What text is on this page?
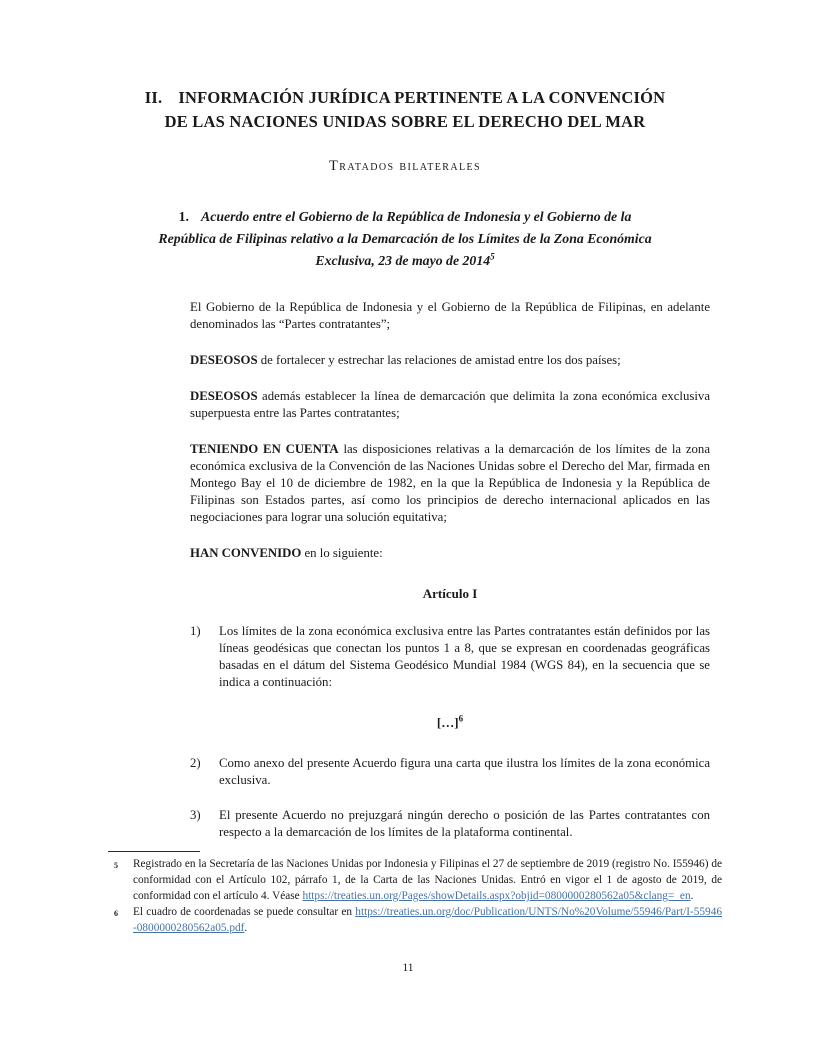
II. INFORMACIÓN JURÍDICA PERTINENTE A LA CONVENCIÓN
DE LAS NACIONES UNIDAS SOBRE EL DERECHO DEL MAR
Tratados bilaterales
1. Acuerdo entre el Gobierno de la República de Indonesia y el Gobierno de la
República de Filipinas relativo a la Demarcación de los Límites de la Zona Económica
Exclusiva, 23 de mayo de 2014$^5$

El Gobierno de la República de Indonesia y el Gobierno de la República de Filipinas, en adelante denominados las “Partes contratantes”;

DESEOSOS de fortalecer y estrechar las relaciones de amistad entre los dos países;

DESEOSOS además establecer la línea de demarcación que delimita la zona económica exclusiva superpuesta entre las Partes contratantes;

TENIENDO EN CUENTA las disposiciones relativas a la demarcación de los límites de la zona económica exclusiva de la Convención de las Naciones Unidas sobre el Derecho del Mar, firmada en Montego Bay el 10 de diciembre de 1982, en la que la República de Indonesia y la República de Filipinas son Estados partes, así como los principios de derecho internacional aplicados en las negociaciones para lograr una solución equitativa;

HAN CONVENIDO en lo siguiente:

Artículo I
1)	Los límites de la zona económica exclusiva entre las Partes contratantes están definidos por las líneas geodésicas que conectan los puntos 1 a 8, que se expresan en coordenadas geográficas basadas en el dátum del Sistema Geodésico Mundial 1984 (WGS 84), en la secuencia que se indica a continuación:
[…]$^6$
2)	Como anexo del presente Acuerdo figura una carta que ilustra los límites de la zona económica exclusiva.
3)	El presente Acuerdo no prejuzgará ningún derecho o posición de las Partes contratantes con respecto a la demarcación de los límites de la plataforma continental.
5 Registrado en la Secretaría de las Naciones Unidas por Indonesia y Filipinas el 27 de septiembre de 2019 (registro No. I55946) de conformidad con el Artículo 102, párrafo 1, de la Carta de las Naciones Unidas. Entró en vigor el 1 de agosto de 2019, de conformidad con el artículo 4. Véase https://treaties.un.org/Pages/showDetails.aspx?objid=0800000280562a05&clang=_en.
6 El cuadro de coordenadas se puede consultar en https://treaties.un.org/doc/Publication/UNTS/No%20Volume/55946/Part/I-55946-0800000280562a05.pdf.
11
